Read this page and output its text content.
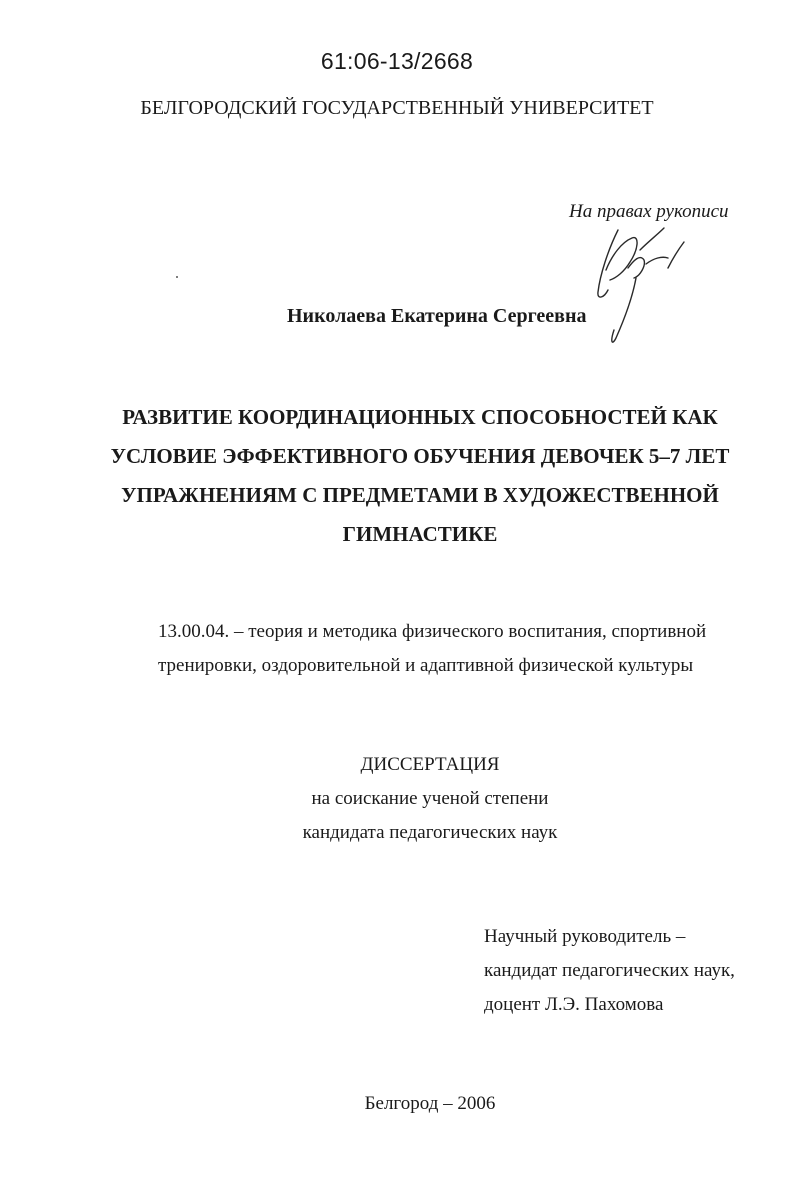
61:06-13/2668
БЕЛГОРОДСКИЙ ГОСУДАРСТВЕННЫЙ УНИВЕРСИТЕТ
На правах рукописи
Николаева Екатерина Сергеевна
РАЗВИТИЕ КООРДИНАЦИОННЫХ СПОСОБНОСТЕЙ КАК
УСЛОВИЕ ЭФФЕКТИВНОГО ОБУЧЕНИЯ ДЕВОЧЕК 5–7 ЛЕТ
УПРАЖНЕНИЯМ С ПРЕДМЕТАМИ В ХУДОЖЕСТВЕННОЙ
ГИМНАСТИКЕ
13.00.04. – теория и методика физического воспитания, спортивной
тренировки, оздоровительной и адаптивной физической культуры
ДИССЕРТАЦИЯ
на соискание ученой степени
кандидата педагогических наук
Научный руководитель –
кандидат педагогических наук,
доцент Л.Э. Пахомова
Белгород – 2006
